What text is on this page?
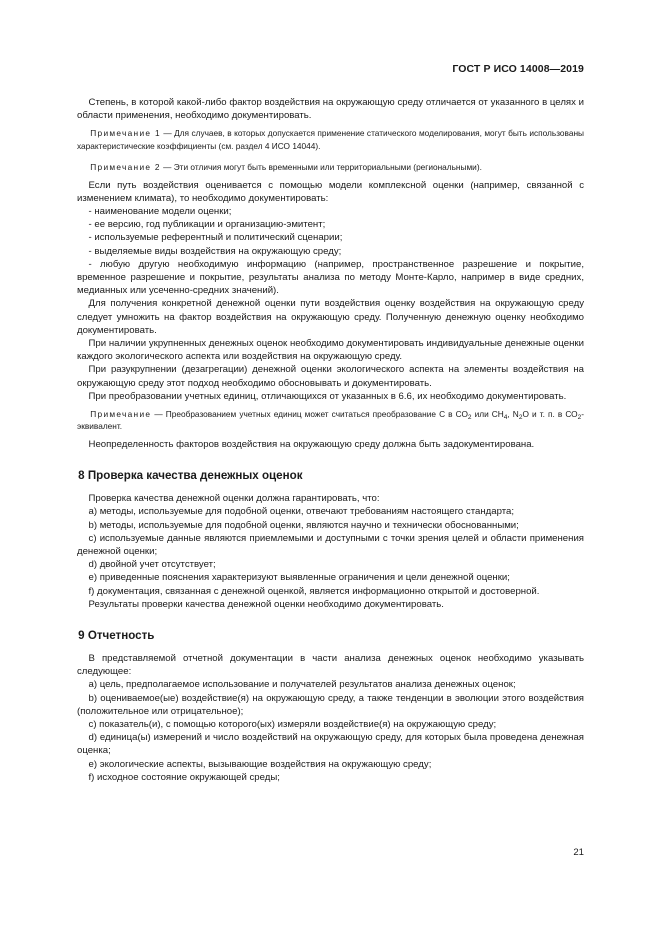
ГОСТ Р ИСО 14008—2019

Степень, в которой какой-либо фактор воздействия на окружающую среду отличается от указанного в целях и области применения, необходимо документировать.

Примечание 1 — Для случаев, в которых допускается применение статического моделирования, могут быть использованы характеристические коэффициенты (см. раздел 4 ИСО 14044).

Примечание 2 — Эти отличия могут быть временными или территориальными (региональными).

Если путь воздействия оценивается с помощью модели комплексной оценки (например, связанной с изменением климата), то необходимо документировать:

- наименование модели оценки;

- ее версию, год публикации и организацию-эмитент;

- используемые референтный и политический сценарии;

- выделяемые виды воздействия на окружающую среду;

- любую другую необходимую информацию (например, пространственное разрешение и покрытие, временное разрешение и покрытие, результаты анализа по методу Монте-Карло, например в виде средних, медианных или усеченно-средних значений).

Для получения конкретной денежной оценки пути воздействия оценку воздействия на окружающую среду следует умножить на фактор воздействия на окружающую среду. Полученную денежную оценку необходимо документировать.

При наличии укрупненных денежных оценок необходимо документировать индивидуальные денежные оценки каждого экологического аспекта или воздействия на окружающую среду.

При разукрупнении (дезагрегации) денежной оценки экологического аспекта на элементы воздействия на окружающую среду этот подход необходимо обосновывать и документировать.

При преобразовании учетных единиц, отличающихся от указанных в 6.6, их необходимо документировать.

Примечание — Преобразованием учетных единиц может считаться преобразование С в $СО_2$ или $СН_4$, $N_2O$ и т. п. в $СО_2$-эквивалент.

Неопределенность факторов воздействия на окружающую среду должна быть задокументирована.

8 Проверка качества денежных оценок

Проверка качества денежной оценки должна гарантировать, что:

a) методы, используемые для подобной оценки, отвечают требованиям настоящего стандарта;

b) методы, используемые для подобной оценки, являются научно и технически обоснованными;

c) используемые данные являются приемлемыми и доступными с точки зрения целей и области применения денежной оценки;

d) двойной учет отсутствует;

e) приведенные пояснения характеризуют выявленные ограничения и цели денежной оценки;

f) документация, связанная с денежной оценкой, является информационно открытой и достоверной.

Результаты проверки качества денежной оценки необходимо документировать.

9 Отчетность

В представляемой отчетной документации в части анализа денежных оценок необходимо указывать следующее:

a) цель, предполагаемое использование и получателей результатов анализа денежных оценок;

b) оцениваемое(ые) воздействие(я) на окружающую среду, а также тенденции в эволюции этого воздействия (положительное или отрицательное);

c) показатель(и), с помощью которого(ых) измеряли воздействие(я) на окружающую среду;

d) единица(ы) измерений и число воздействий на окружающую среду, для которых была проведена денежная оценка;

e) экологические аспекты, вызывающие воздействия на окружающую среду;

f) исходное состояние окружающей среды;

21
